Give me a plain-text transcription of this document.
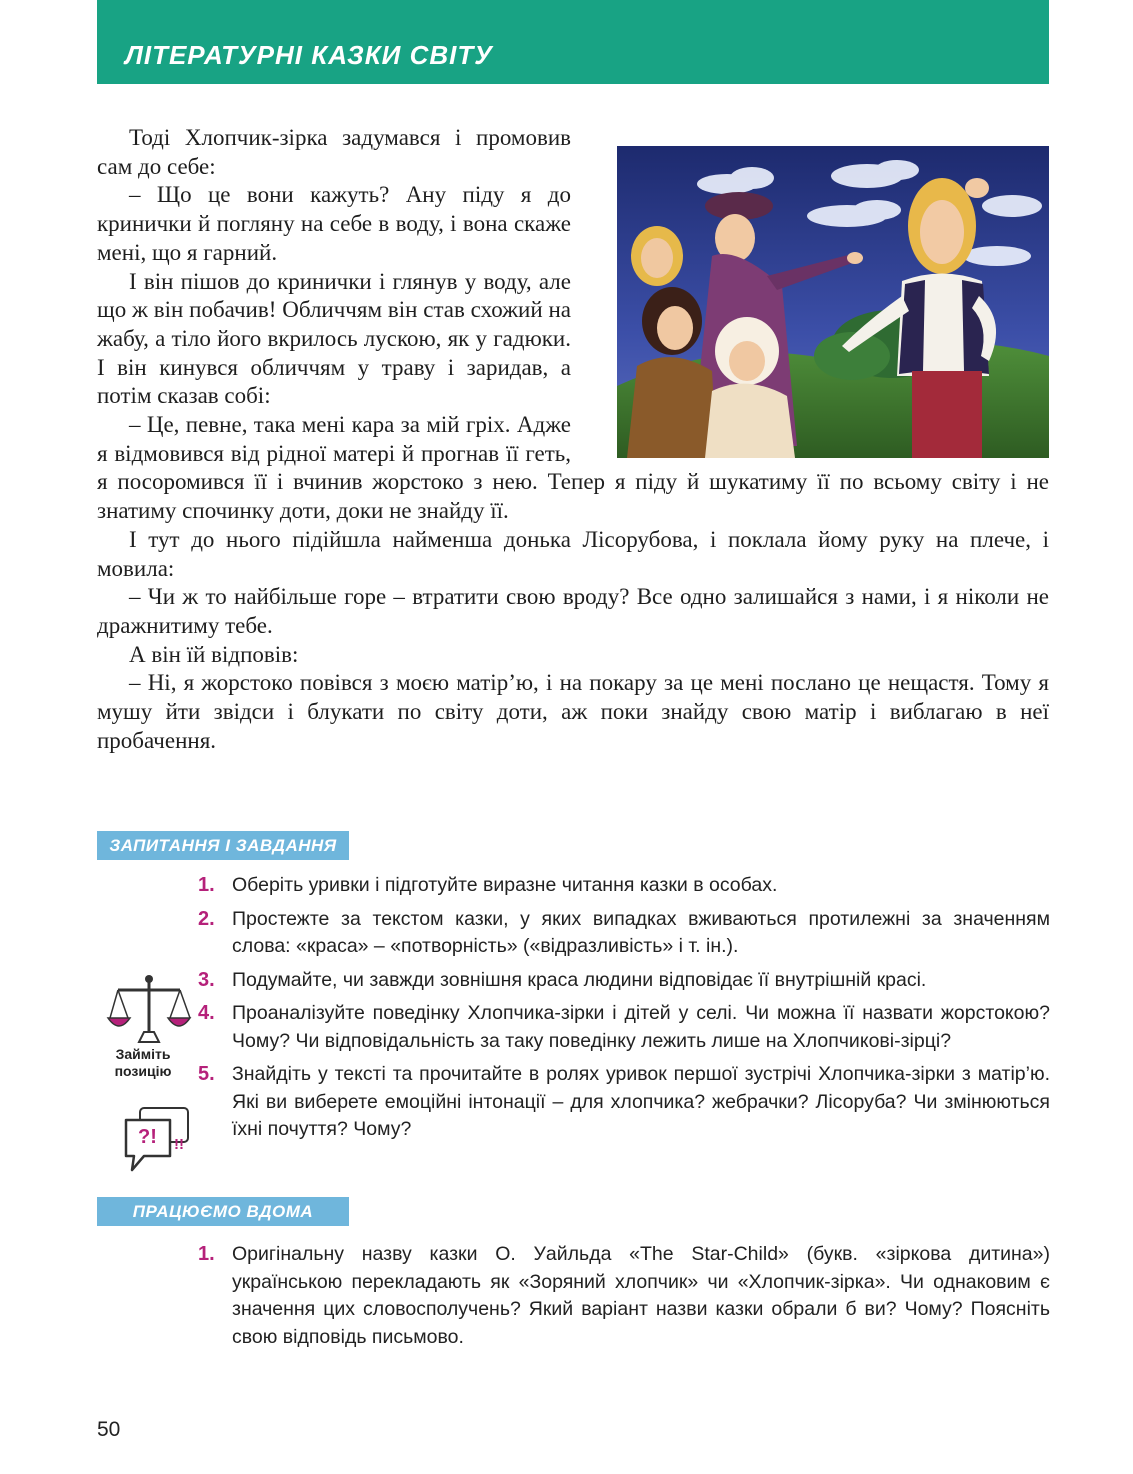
ЛІТЕРАТУРНІ КАЗКИ СВІТУ

Тоді Хлопчик-зірка задумався і промовив сам до себе:

– Що це вони кажуть? Ану піду я до кринички й погляну на себе в воду, і вона скаже мені, що я гарний.

І він пішов до кринички і глянув у воду, але що ж він побачив! Обличчям він став схожий на жабу, а тіло його вкрилось лускою, як у гадюки. І він кинувся обличчям у траву і заридав, а потім сказав собі:

– Це, певне, така мені кара за мій гріх. Адже я відмовився від рідної матері й прогнав її геть, я посоромився її і вчинив жорстоко з нею. Тепер я піду й шукатиму її по всьому світу і не знатиму спочинку доти, доки не знайду її.

І тут до нього підійшла найменша донька Лісорубова, і поклала йому руку на плече, і мовила:

– Чи ж то найбільше горе – втратити свою вроду? Все одно залишайся з нами, і я ніколи не дражнитиму тебе.

А він їй відповів:

– Ні, я жорстоко повівся з моєю матір’ю, і на покару за це мені послано це нещастя. Тому я мушу йти звідси і блукати по світу доти, аж поки знайду свою матір і виблагаю в неї пробачення.

ЗАПИТАННЯ І ЗАВДАННЯ
1. Оберіть уривки і підготуйте виразне читання казки в особах.
2. Простежте за текстом казки, у яких випадках вживаються протилежні за значенням слова: «краса» – «потворність» («відразливість» і т. ін.).
3. Подумайте, чи завжди зовнішня краса людини відповідає її внутрішній красі.
4. Проаналізуйте поведінку Хлопчика-зірки і дітей у селі. Чи можна її назвати жорстокою? Чому? Чи відповідальність за таку поведінку лежить лише на Хлопчикові-зірці?
5. Знайдіть у тексті та прочитайте в ролях уривок першої зустрічі Хлопчика-зірки з матір’ю. Які ви виберете емоційні інтонації – для хлопчика? жебрачки? Лісоруба? Чи змінюються їхні почуття? Чому?
Займіть
позицію
?! !!
ПРАЦЮЄМО ВДОМА
1. Оригінальну назву казки О. Уайльда «The Star-Child» (букв. «зіркова дитина») українською перекладають як «Зоряний хлопчик» чи «Хлопчик-зірка». Чи однаковим є значення цих словосполучень? Який варіант назви казки обрали б ви? Чому? Поясніть свою відповідь письмово.
50
